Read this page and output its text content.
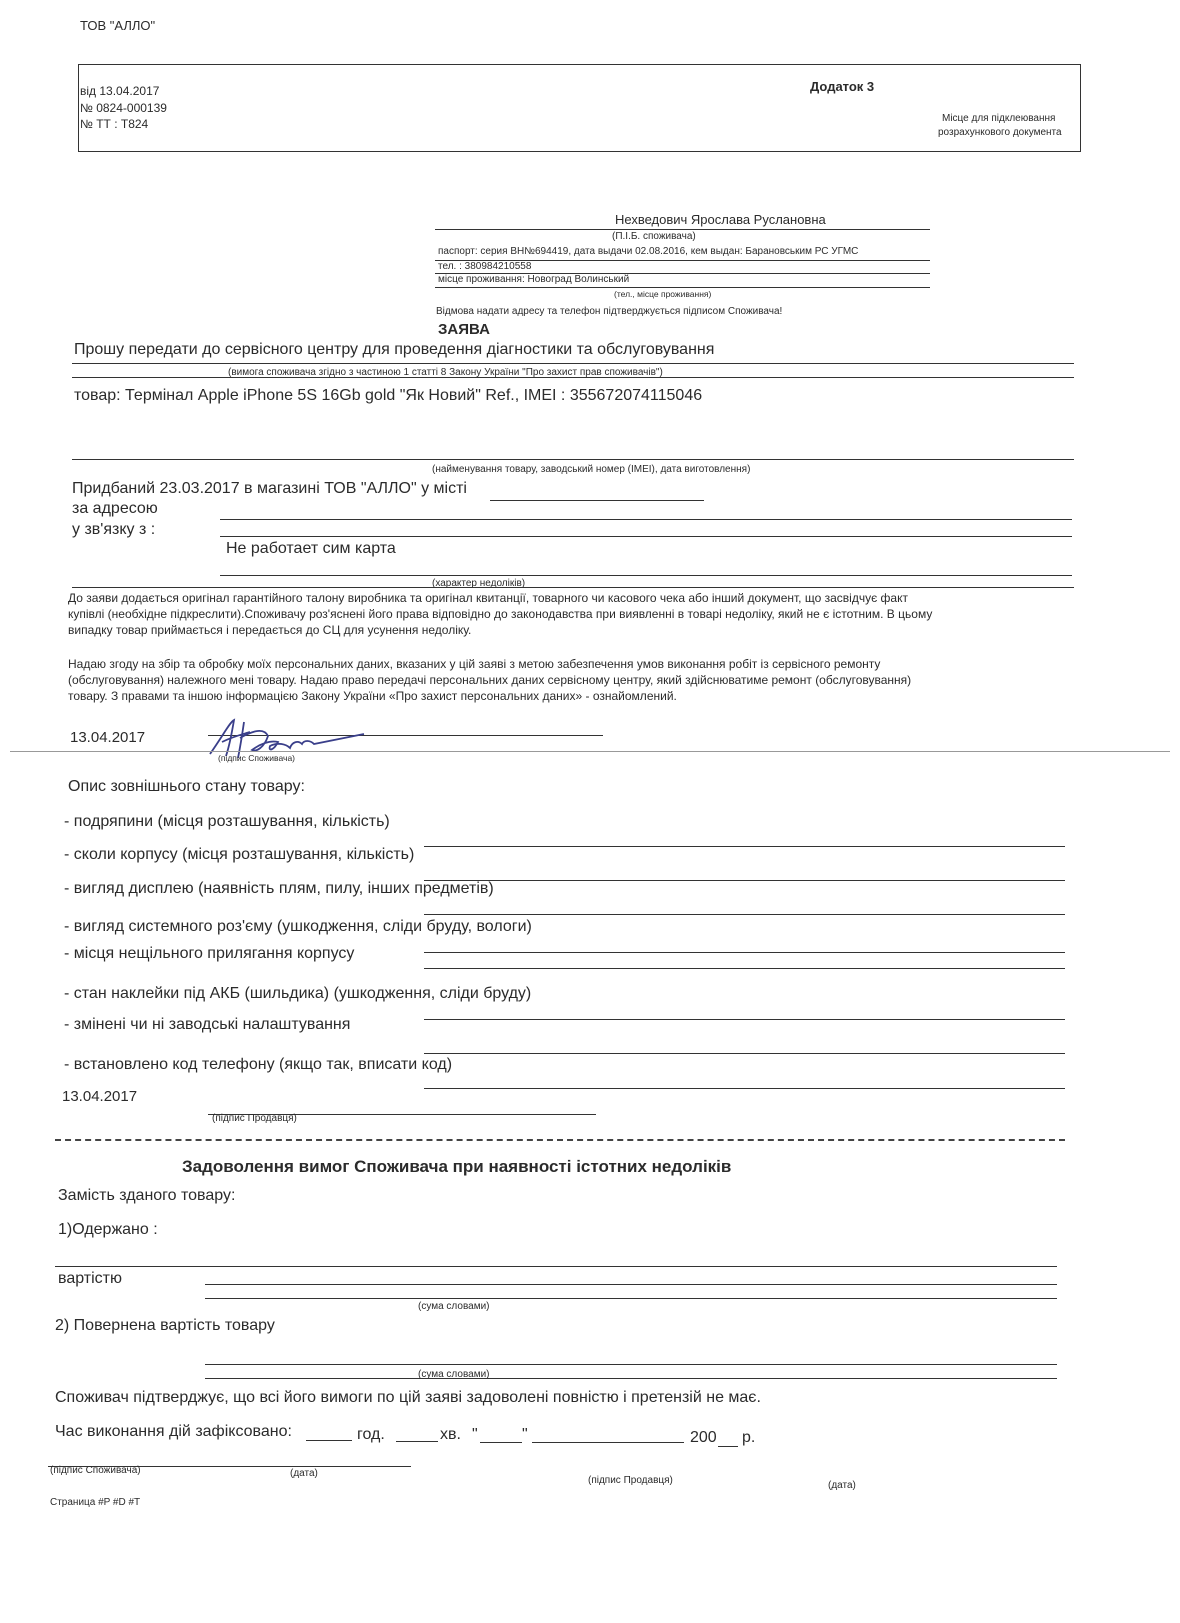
ТОВ "АЛЛО"
від 13.04.2017
№ 0824-000139
№ ТТ : Т824
Додаток 3
Місце для підклеювання
розрахункового документа
Нехведович Ярослава Руслановна
(П.І.Б. споживача)
паспорт: серия ВН№694419, дата выдачи 02.08.2016, кем выдан: Барановським РС УГМС
тел. : 380984210558
місце проживання: Новоград Волинський
(тел., місце проживання)
Відмова надати адресу та телефон підтверджується підписом Споживача!
ЗАЯВА
Прошу передати до сервісного центру для проведення діагностики та обслуговування
(вимога споживача згідно з частиною 1 статті 8 Закону України "Про захист прав споживачів")
товар: Термінал Apple iPhone 5S 16Gb gold "Як Новий" Ref., IMEI : 355672074115046
(найменування товару, заводський номер (IMEI), дата виготовлення)
Придбаний 23.03.2017 в магазині ТОВ "АЛЛО" у місті
за адресою
у зв'язку з :
Не работает сим карта
(характер недоліків)
До заяви додається оригінал гарантійного талону виробника та оригінал квитанції, товарного чи касового чека або інший документ, що засвідчує факт
купівлі (необхідне підкреслити).Споживачу роз'яснені його права відповідно до законодавства при виявленні в товарі недоліку, який не є істотним. В цьому
випадку товар приймається і передається до СЦ для усунення недоліку.
Надаю згоду на збір та обробку моїх персональних даних, вказаних у цій заяві з метою забезпечення умов виконання робіт із сервісного ремонту
(обслуговування) належного мені товару. Надаю право передачі персональних даних сервісному центру, який здійснюватиме ремонт (обслуговування)
товару. З правами та іншою інформацією Закону України «Про захист персональних даних» - ознайомлений.
13.04.2017
(підпис Споживача)
Опис зовнішнього стану товару:
- подряпини (місця розташування, кількість)
- сколи корпусу (місця розташування, кількість)
- вигляд дисплею (наявність плям, пилу, інших предметів)
- вигляд системного роз'єму (ушкодження, сліди бруду, вологи)
- місця нещільного прилягання корпусу
- стан наклейки під АКБ (шильдика) (ушкодження, сліди бруду)
- змінені чи ні заводські налаштування
- встановлено код телефону (якщо так, вписати код)
13.04.2017
(підпис Продавця)
Задоволення вимог Споживача при наявності істотних недоліків
Замість зданого товару:
1)Одержано :
вартістю
(сума словами)
2) Повернена вартість товару
(сума словами)
Споживач підтверджує, що всі його вимоги по цій заяві задоволені повністю і претензій не має.
Час виконання дій зафіксовано:	год.	хв. "	"	200 р.
(підпис Споживача)	(дата)
(підпис Продавця)	(дата)
Страница #P #D #T
